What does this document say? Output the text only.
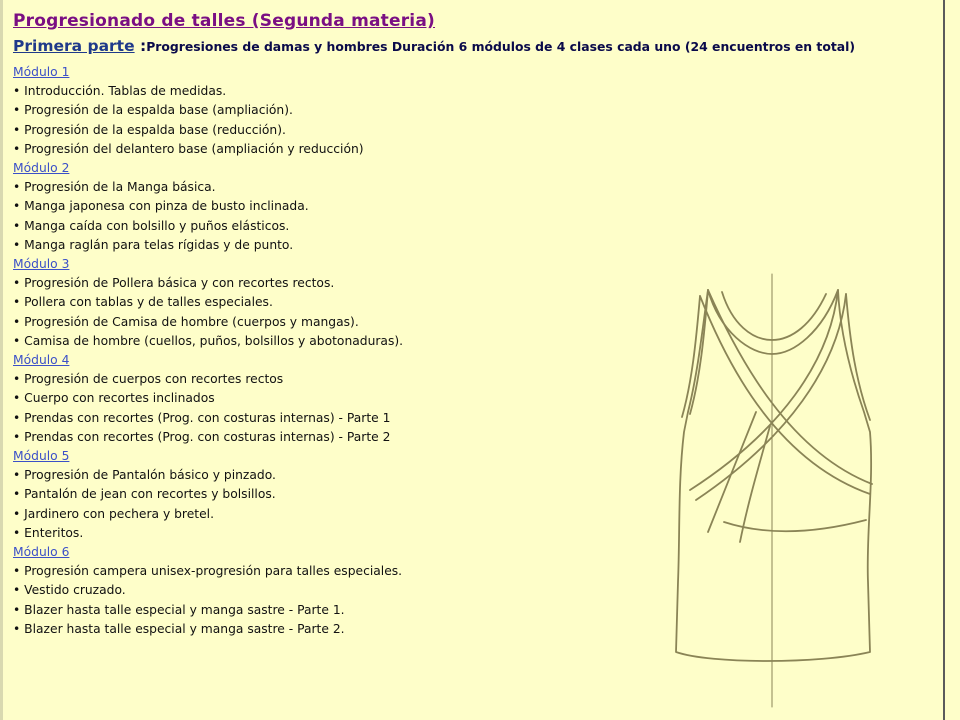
Progresionado de talles (Segunda materia)

Primera parte :Progresiones de damas y hombres Duración 6 módulos de 4 clases cada uno (24 encuentros en total)

Módulo 1
• Introducción. Tablas de medidas.
• Progresión de la espalda base (ampliación).
• Progresión de la espalda base (reducción).
• Progresión del delantero base (ampliación y reducción)
Módulo 2
• Progresión de la Manga básica.
• Manga japonesa con pinza de busto inclinada.
• Manga caída con bolsillo y puños elásticos.
• Manga raglán para telas rígidas y de punto.
Módulo 3
• Progresión de Pollera básica y con recortes rectos.
• Pollera con tablas y de talles especiales.
• Progresión de Camisa de hombre (cuerpos y mangas).
• Camisa de hombre (cuellos, puños, bolsillos y abotonaduras).
Módulo 4
• Progresión de cuerpos con recortes rectos
• Cuerpo con recortes inclinados
• Prendas con recortes (Prog. con costuras internas) - Parte 1
• Prendas con recortes (Prog. con costuras internas) - Parte 2
Módulo 5
• Progresión de Pantalón básico y pinzado.
• Pantalón de jean con recortes y bolsillos.
• Jardinero con pechera y bretel.
• Enteritos.
Módulo 6
• Progresión campera unisex-progresión para talles especiales.
• Vestido cruzado.
• Blazer hasta talle especial y manga sastre - Parte 1.
• Blazer hasta talle especial y manga sastre - Parte 2.
